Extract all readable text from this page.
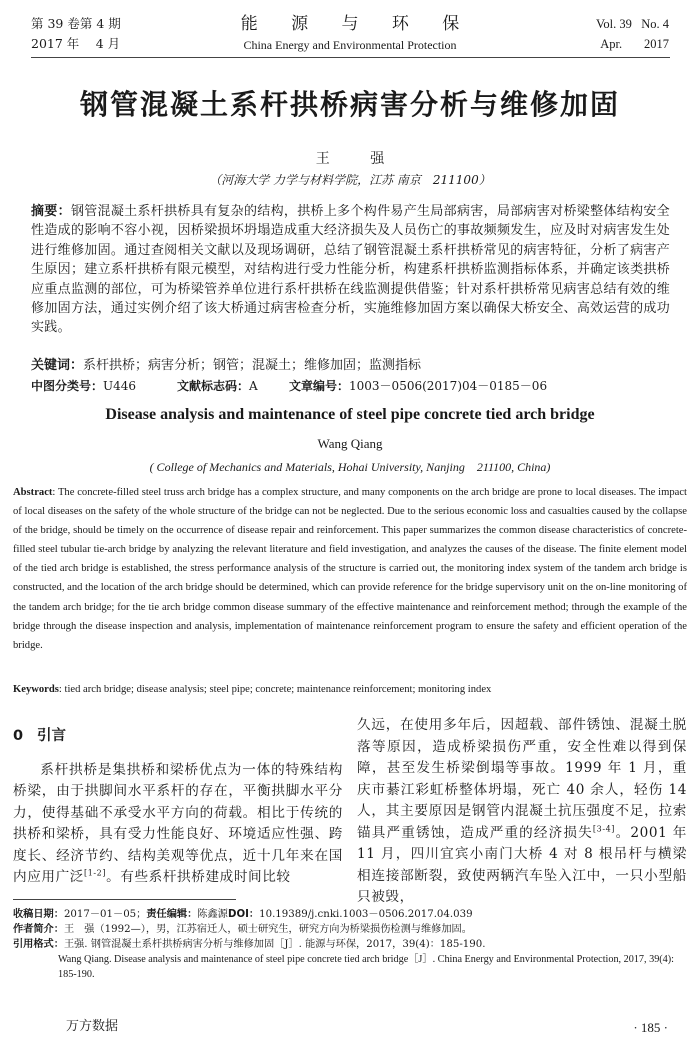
第 39 卷第 4 期
2017 年　 4 月
能 源 与 环 保
China Energy and Environmental Protection
Vol. 39 No. 4
Apr. 2017
钢管混凝土系杆拱桥病害分析与维修加固
王 强
（河海大学 力学与材料学院，江苏 南京　211100）
摘要：钢管混凝土系杆拱桥具有复杂的结构，拱桥上多个构件易产生局部病害，局部病害对桥梁整体结构安全性造成的影响不容小视，因桥梁损坏坍塌造成重大经济损失及人员伤亡的事故频频发生，应及时对病害发生处进行维修加固。通过查阅相关文献以及现场调研，总结了钢管混凝土系杆拱桥常见的病害特征，分析了病害产生原因；建立系杆拱桥有限元模型，对结构进行受力性能分析，构建系杆拱桥监测指标体系，并确定该类拱桥应重点监测的部位，可为桥梁管养单位进行系杆拱桥在线监测提供借鉴；针对系杆拱桥常见病害总结有效的维修加固方法，通过实例介绍了该大桥通过病害检查分析，实施维修加固方案以确保大桥安全、高效运营的成功实践。
关键词：系杆拱桥；病害分析；钢管；混凝土；维修加固；监测指标
中图分类号：U446	文献标志码：A	文章编号：1003－0506(2017)04－0185－06
Disease analysis and maintenance of steel pipe concrete tied arch bridge
Wang Qiang
( College of Mechanics and Materials, Hohai University, Nanjing　211100, China)
Abstract: The concrete-filled steel truss arch bridge has a complex structure, and many components on the arch bridge are prone to local diseases. The impact of local diseases on the safety of the whole structure of the bridge can not be neglected. Due to the serious economic loss and casualties caused by the collapse of the bridge, should be timely on the occurrence of disease repair and reinforcement. This paper summarizes the common disease characteristics of concrete-filled steel tubular tie-arch bridge by analyzing the relevant literature and field investigation, and analyzes the causes of the disease. The finite element model of the tied arch bridge is established, the stress performance analysis of the structure is carried out, the monitoring index system of the tandem arch bridge is constructed, and the location of the arch bridge should be determined, which can provide reference for the bridge supervisory unit on the on-line monitoring of the tandem arch bridge; for the tie arch bridge common disease summary of the effective maintenance and reinforcement method; through the example of the bridge through the disease inspection and analysis, implementation of maintenance reinforcement program to ensure the safety and efficient operation of the bridge.
Keywords: tied arch bridge; disease analysis; steel pipe; concrete; maintenance reinforcement; monitoring index
0 引言
系杆拱桥是集拱桥和梁桥优点为一体的特殊结构桥梁，由于拱脚间水平系杆的存在，平衡拱脚水平分力，使得基础不承受水平方向的荷载。相比于传统的拱桥和梁桥，具有受力性能良好、环境适应性强、跨度长、经济节约、结构美观等优点，近十几年来在国内应用广泛[1-2]。有些系杆拱桥建成时间比较
久远，在使用多年后，因超载、部件锈蚀、混凝土脱落等原因，造成桥梁损伤严重，安全性难以得到保障，甚至发生桥梁倒塌等事故。1999 年 1 月，重庆市綦江彩虹桥整体坍塌，死亡 40 余人，轻伤 14 人，其主要原因是钢管内混凝土抗压强度不足，拉索锚具严重锈蚀，造成严重的经济损失[3-4]。2001 年 11 月，四川宜宾小南门大桥 4 对 8 根吊杆与横梁相连接部断裂，致使两辆汽车坠入江中，一只小型船只被毁，
收稿日期：2017－01－05；责任编辑：陈鑫源 DOI：10.19389/j.cnki.1003－0506.2017.04.039
作者简介：王　强（1992—），男，江苏宿迁人，硕士研究生，研究方向为桥梁损伤检测与维修加固。
引用格式：王强. 钢管混凝土系杆拱桥病害分析与维修加固［J］. 能源与环保，2017，39(4)：185-190.
Wang Qiang. Disease analysis and maintenance of steel pipe concrete tied arch bridge［J］. China Energy and Environmental Protection, 2017, 39(4): 185-190.
万方数据	· 185 ·
